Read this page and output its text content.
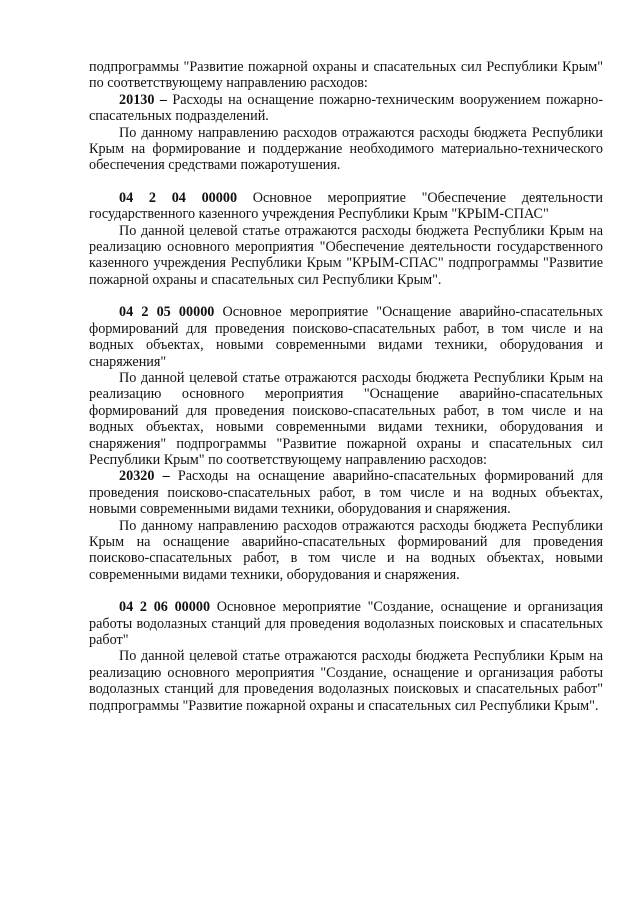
подпрограммы "Развитие пожарной охраны и спасательных сил Республики Крым" по соответствующему направлению расходов:

20130 – Расходы на оснащение пожарно-техническим вооружением пожарно-спасательных подразделений.

По данному направлению расходов отражаются расходы бюджета Республики Крым на формирование и поддержание необходимого материально-технического обеспечения средствами пожаротушения.

04 2 04 00000 Основное мероприятие "Обеспечение деятельности государственного казенного учреждения Республики Крым "КРЫМ-СПАС"

По данной целевой статье отражаются расходы бюджета Республики Крым на реализацию основного мероприятия "Обеспечение деятельности государственного казенного учреждения Республики Крым "КРЫМ-СПАС" подпрограммы "Развитие пожарной охраны и спасательных сил Республики Крым".

04 2 05 00000 Основное мероприятие "Оснащение аварийно-спасательных формирований для проведения поисково-спасательных работ, в том числе и на водных объектах, новыми современными видами техники, оборудования и снаряжения"

По данной целевой статье отражаются расходы бюджета Республики Крым на реализацию основного мероприятия "Оснащение аварийно-спасательных формирований для проведения поисково-спасательных работ, в том числе и на водных объектах, новыми современными видами техники, оборудования и снаряжения" подпрограммы "Развитие пожарной охраны и спасательных сил Республики Крым" по соответствующему направлению расходов:

20320 – Расходы на оснащение аварийно-спасательных формирований для проведения поисково-спасательных работ, в том числе и на водных объектах, новыми современными видами техники, оборудования и снаряжения.

По данному направлению расходов отражаются расходы бюджета Республики Крым на оснащение аварийно-спасательных формирований для проведения поисково-спасательных работ, в том числе и на водных объектах, новыми современными видами техники, оборудования и снаряжения.

04 2 06 00000 Основное мероприятие "Создание, оснащение и организация работы водолазных станций для проведения водолазных поисковых и спасательных работ"

По данной целевой статье отражаются расходы бюджета Республики Крым на реализацию основного мероприятия "Создание, оснащение и организация работы водолазных станций для проведения водолазных поисковых и спасательных работ" подпрограммы "Развитие пожарной охраны и спасательных сил Республики Крым".
